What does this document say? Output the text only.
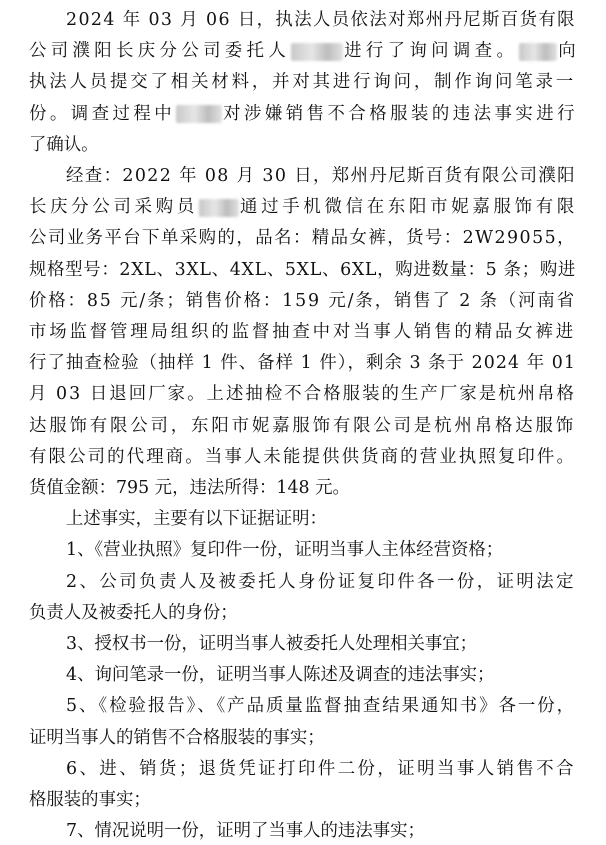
2024 年 03 月 06 日，执法人员依法对郑州丹尼斯百货有限
公司濮阳长庆分公司委托人	进行了询问调查。 向
执法人员提交了相关材料，并对其进行询问，制作询问笔录一
份。调查过程中	对涉嫌销售不合格服装的违法事实进行
了确认。
经查：2022 年 08 月 30 日，郑州丹尼斯百货有限公司濮阳
长庆分公司采购员 通过手机微信在东阳市妮嘉服饰有限
公司业务平台下单采购的，品名：精品女裤，货号：2W29055，
规格型号：2XL、3XL、4XL、5XL、6XL，购进数量：5 条；购进
价格：85 元/条；销售价格：159 元/条，销售了 2 条（河南省
市场监督管理局组织的监督抽查中对当事人销售的精品女裤进
行了抽查检验（抽样 1 件、备样 1 件），剩余 3 条于 2024 年 01
月 03 日退回厂家。上述抽检不合格服装的生产厂家是杭州帛格
达服饰有限公司，东阳市妮嘉服饰有限公司是杭州帛格达服饰
有限公司的代理商。当事人未能提供供货商的营业执照复印件。
货值金额：795 元，违法所得：148 元。
上述事实，主要有以下证据证明：
1、《营业执照》复印件一份，证明当事人主体经营资格；
2、公司负责人及被委托人身份证复印件各一份，证明法定
负责人及被委托人的身份；
3、授权书一份，证明当事人被委托人处理相关事宜；
4、询问笔录一份，证明当事人陈述及调查的违法事实；
5、《检验报告》、《产品质量监督抽查结果通知书》各一份，
证明当事人的销售不合格服装的事实；
6、进、销货；退货凭证打印件二份，证明当事人销售不合
格服装的事实；
7、情况说明一份，证明了当事人的违法事实；
